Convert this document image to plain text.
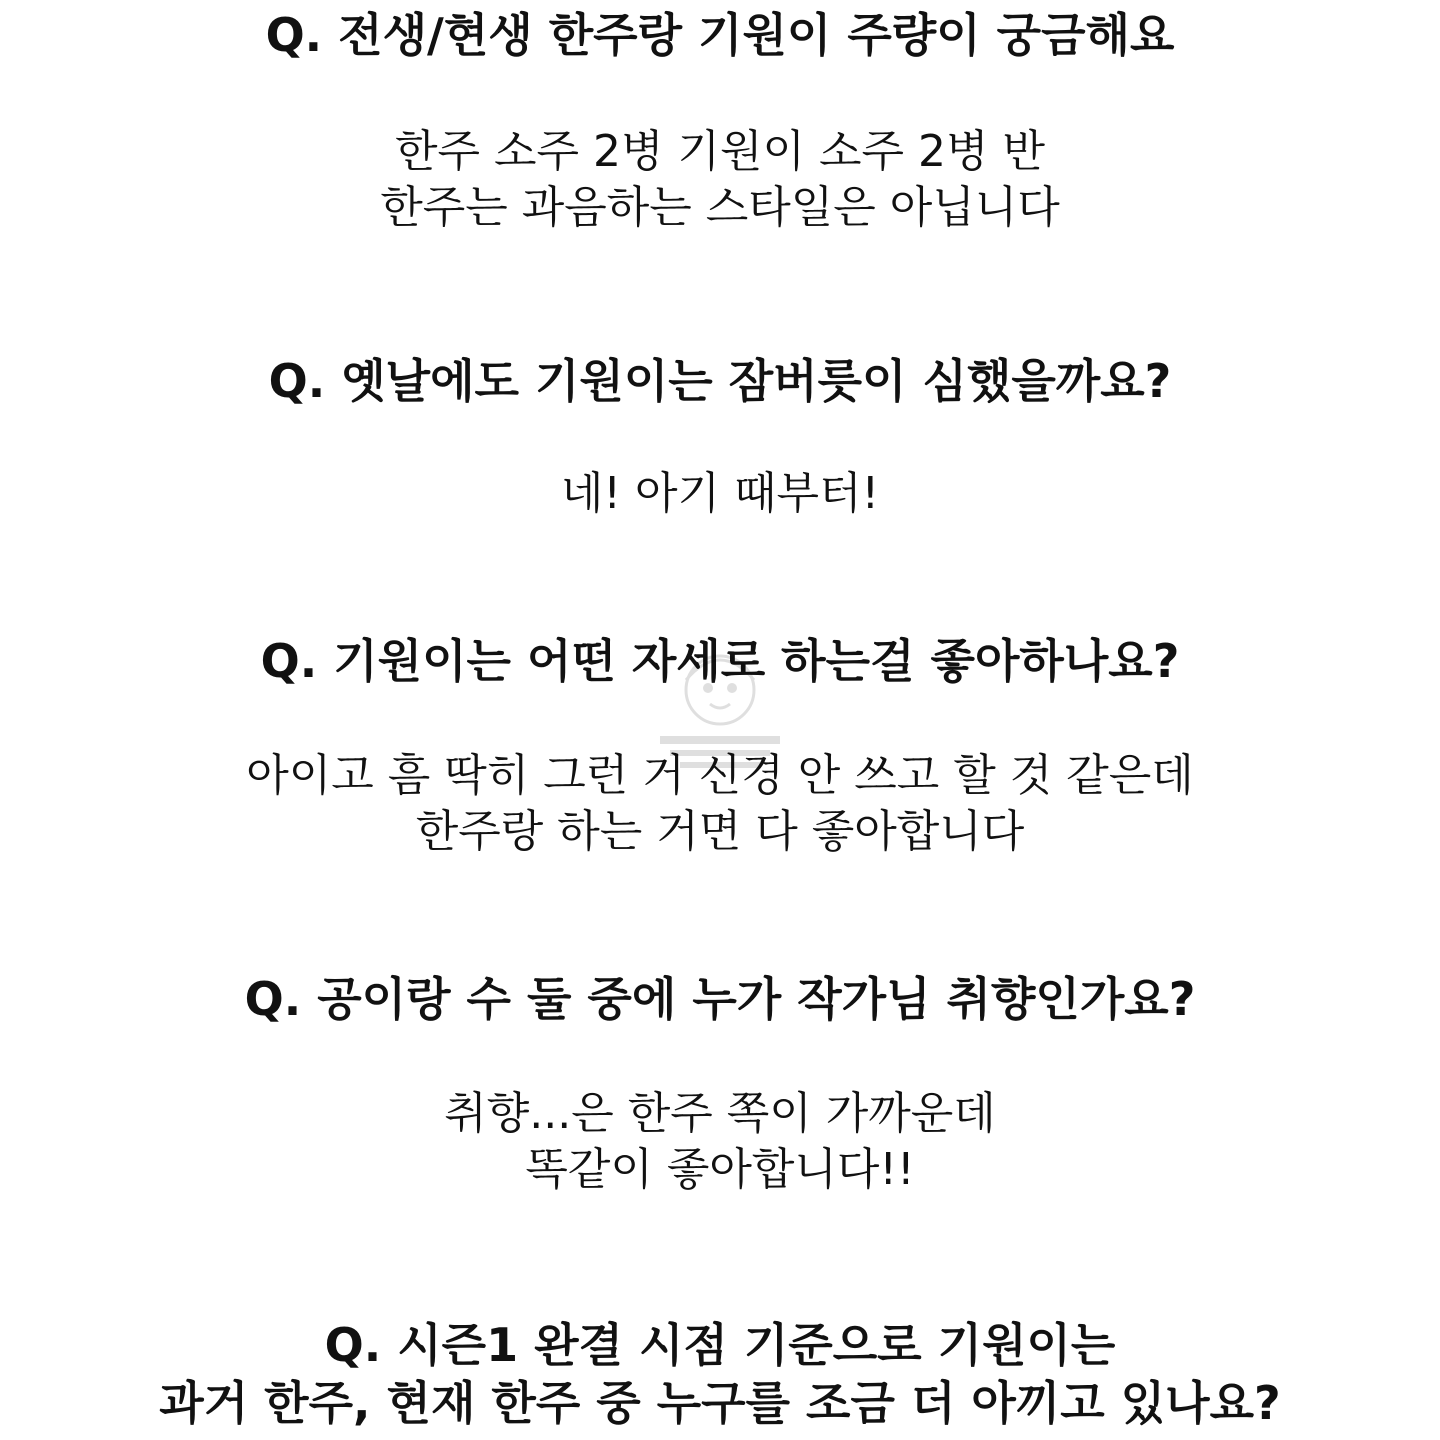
Q. 전생/현생 한주랑 기원이 주량이 궁금해요
한주 소주 2병 기원이 소주 2병 반
한주는 과음하는 스타일은 아닙니다
Q. 옛날에도 기원이는 잠버릇이 심했을까요?
네! 아기 때부터!
Q. 기원이는 어떤 자세로 하는걸 좋아하나요?
아이고 흠 딱히 그런 거 신경 안 쓰고 할 것 같은데
한주랑 하는 거면 다 좋아합니다
Q. 공이랑 수 둘 중에 누가 작가님 취향인가요?
취향...은 한주 쪽이 가까운데
똑같이 좋아합니다!!
Q. 시즌1 완결 시점 기준으로 기원이는
과거 한주, 현재 한주 중 누구를 조금 더 아끼고 있나요?
